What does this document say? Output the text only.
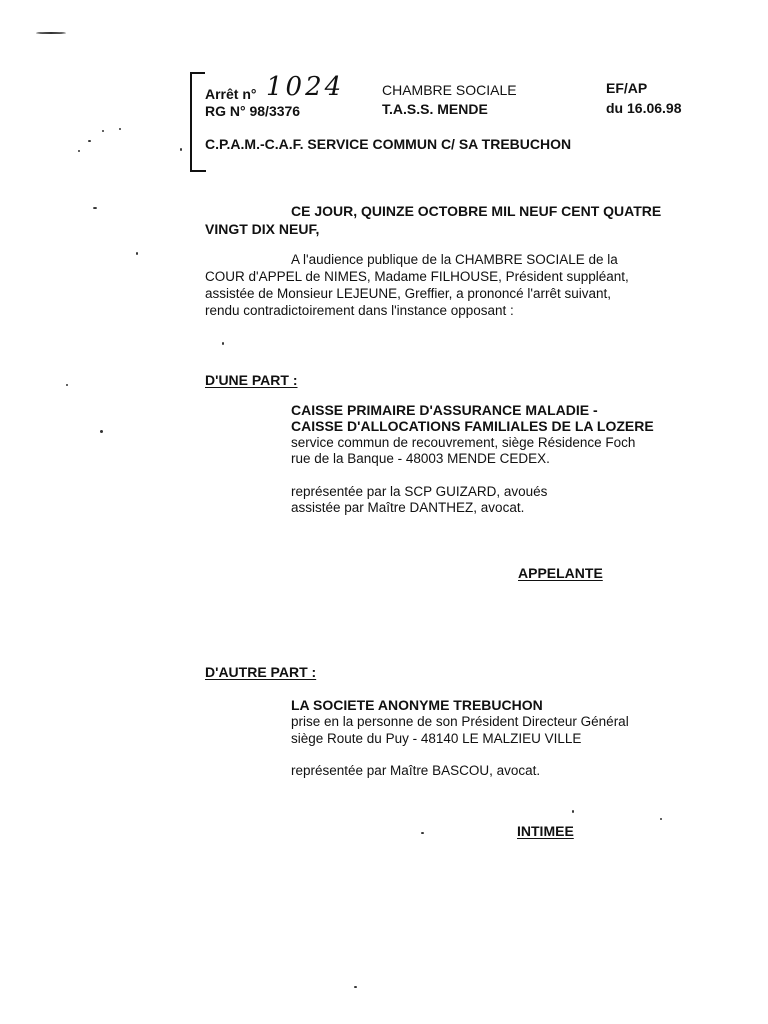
Arrêt n° 1024
RG N° 98/3376
CHAMBRE SOCIALE
T.A.S.S. MENDE
EF/AP
du 16.06.98
C.P.A.M.-C.A.F. SERVICE COMMUN C/ SA TREBUCHON
CE JOUR, QUINZE OCTOBRE MIL NEUF CENT QUATRE
VINGT DIX NEUF,
A l'audience publique de la CHAMBRE SOCIALE de la
COUR d'APPEL de NIMES, Madame FILHOUSE, Président suppléant,
assistée de Monsieur LEJEUNE, Greffier, a prononcé l'arrêt suivant,
rendu contradictoirement dans l'instance opposant :
D'UNE PART :
CAISSE PRIMAIRE D'ASSURANCE MALADIE -
CAISSE D'ALLOCATIONS FAMILIALES DE LA LOZERE
service commun de recouvrement, siège Résidence Foch
rue de la Banque - 48003 MENDE CEDEX.
représentée par la SCP GUIZARD, avoués
assistée par Maître DANTHEZ, avocat.
APPELANTE
D'AUTRE PART :
LA SOCIETE ANONYME TREBUCHON
prise en la personne de son Président Directeur Général
siège Route du Puy - 48140 LE MALZIEU VILLE
représentée par Maître BASCOU, avocat.
INTIMEE
